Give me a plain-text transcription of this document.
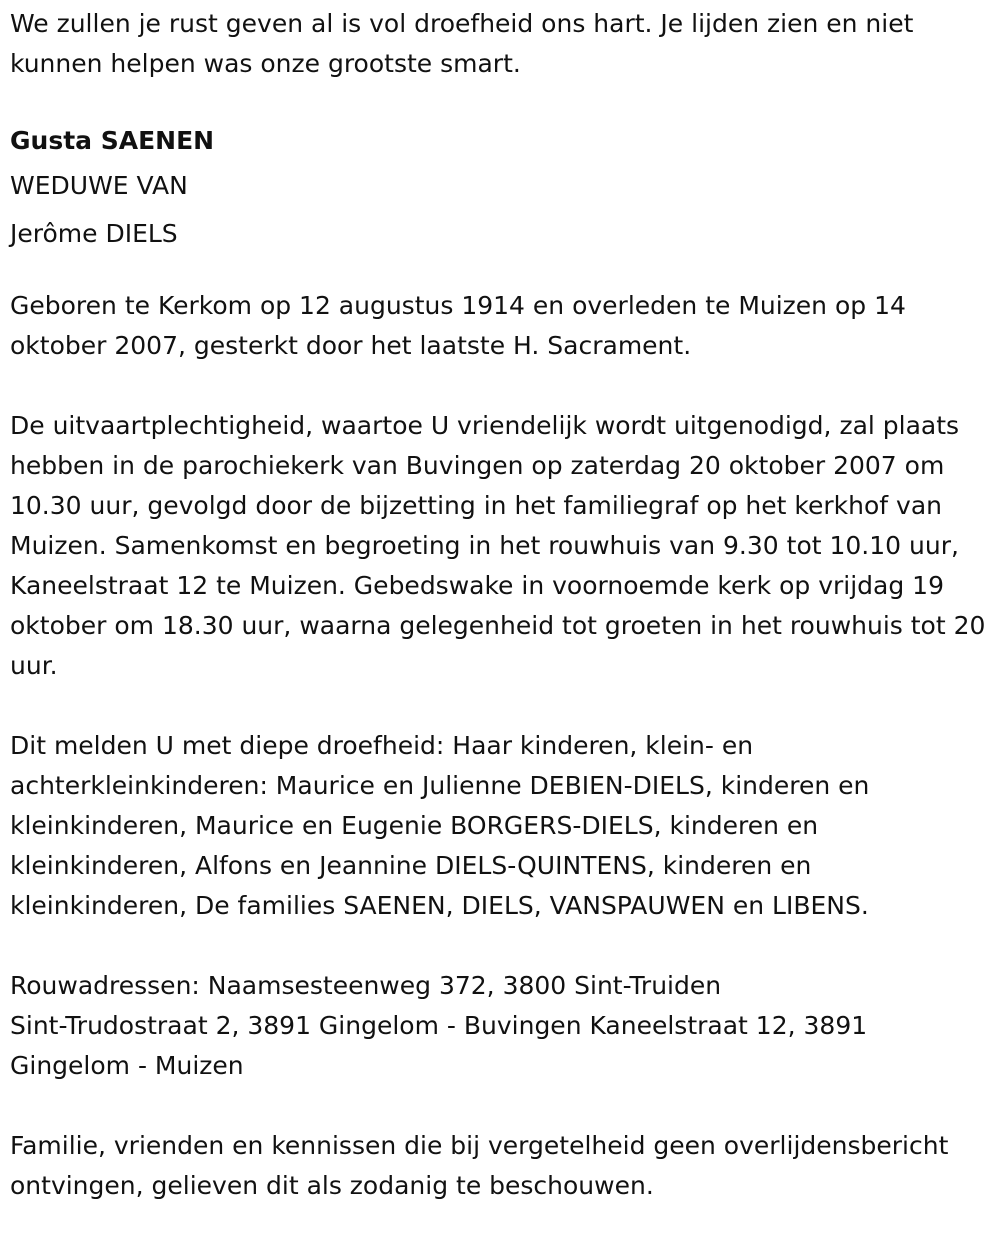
We zullen je rust geven al is vol droefheid ons hart. Je lijden zien en niet kunnen helpen was onze grootste smart.

Gusta SAENEN
WEDUWE VAN
Jerôme DIELS

Geboren te Kerkom op 12 augustus 1914 en overleden te Muizen op 14 oktober 2007, gesterkt door het laatste H. Sacrament.

De uitvaartplechtigheid, waartoe U vriendelijk wordt uitgenodigd, zal plaats hebben in de parochiekerk van Buvingen op zaterdag 20 oktober 2007 om 10.30 uur, gevolgd door de bijzetting in het familiegraf op het kerkhof van Muizen. Samenkomst en begroeting in het rouwhuis van 9.30 tot 10.10 uur, Kaneelstraat 12 te Muizen. Gebedswake in voornoemde kerk op vrijdag 19 oktober om 18.30 uur, waarna gelegenheid tot groeten in het rouwhuis tot 20 uur.

Dit melden U met diepe droefheid: Haar kinderen, klein- en achterkleinkinderen: Maurice en Julienne DEBIEN-DIELS, kinderen en kleinkinderen, Maurice en Eugenie BORGERS-DIELS, kinderen en kleinkinderen, Alfons en Jeannine DIELS-QUINTENS, kinderen en kleinkinderen, De families SAENEN, DIELS, VANSPAUWEN en LIBENS.

Rouwadressen: Naamsesteenweg 372, 3800 Sint-Truiden
Sint-Trudostraat 2, 3891 Gingelom - Buvingen Kaneelstraat 12, 3891 Gingelom - Muizen

Familie, vrienden en kennissen die bij vergetelheid geen overlijdensbericht ontvingen, gelieven dit als zodanig te beschouwen.
